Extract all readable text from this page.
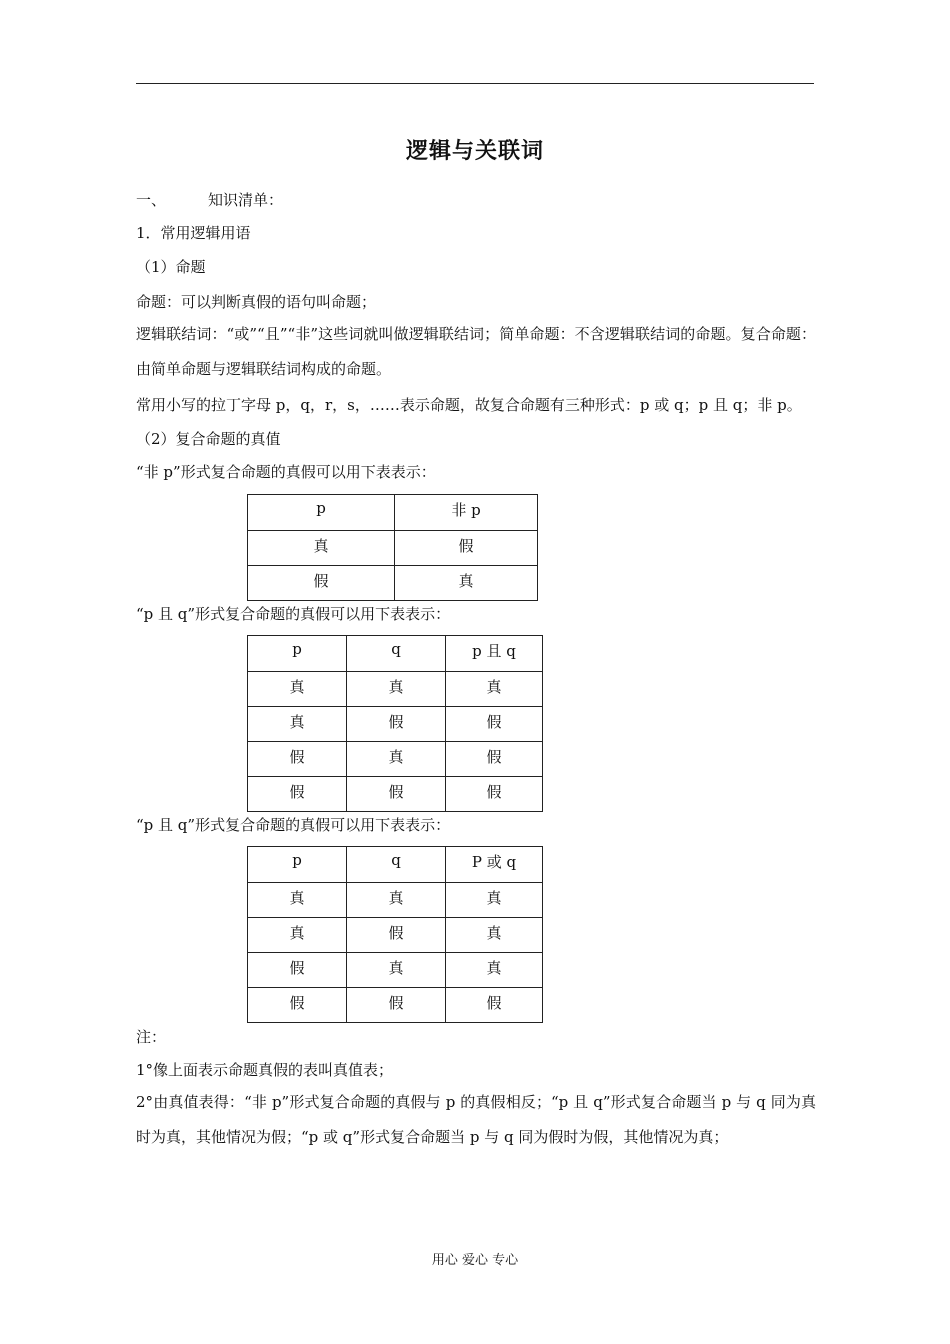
逻辑与关联词
一、	知识清单：
1．常用逻辑用语
（1）命题
命题：可以判断真假的语句叫命题；
逻辑联结词：“或”“且”“非”这些词就叫做逻辑联结词；简单命题：不含逻辑联结词的命题。复合命题：由简单命题与逻辑联结词构成的命题。
常用小写的拉丁字母 p，q，r，s，……表示命题，故复合命题有三种形式：p 或 q；p 且 q；非 p。
（2）复合命题的真值
“非 p”形式复合命题的真假可以用下表表示：
p	非 p
真	假
假	真
“p 且 q”形式复合命题的真假可以用下表表示：
p	q	p 且 q
真	真	真
真	假	假
假	真	假
假	假	假
“p 且 q”形式复合命题的真假可以用下表表示：
p	q	P 或 q
真	真	真
真	假	真
假	真	真
假	假	假
注：
1°像上面表示命题真假的表叫真值表；
2°由真值表得：“非 p”形式复合命题的真假与 p 的真假相反；“p 且 q”形式复合命题当 p 与 q 同为真时为真，其他情况为假；“p 或 q”形式复合命题当 p 与 q 同为假时为假，其他情况为真；
用心 爱心 专心
